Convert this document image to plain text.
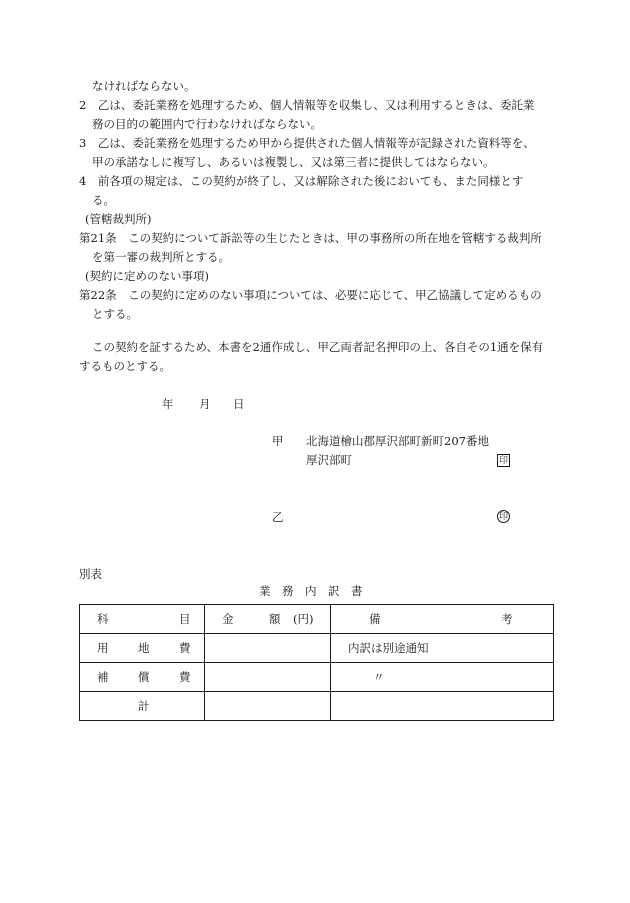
なければならない。
2　乙は、委託業務を処理するため、個人情報等を収集し、又は利用するときは、委託業
務の目的の範囲内で行わなければならない。
3　乙は、委託業務を処理するため甲から提供された個人情報等が記録された資料等を、
甲の承諾なしに複写し、あるいは複製し、又は第三者に提供してはならない。
4　前各項の規定は、この契約が終了し、又は解除された後においても、また同様とす
る。
(管轄裁判所)
第21条　この契約について訴訟等の生じたときは、甲の事務所の所在地を管轄する裁判所
を第一審の裁判所とする。
(契約に定めのない事項)
第22条　この契約に定めのない事項については、必要に応じて、甲乙協議して定めるもの
とする。
この契約を証するため、本書を2通作成し、甲乙両者記名押印の上、各自その1通を保有
するものとする。
年 月 日
甲 北海道檜山郡厚沢部町新町207番地
厚沢部町	印
乙	印
別表
業　務　内　訳　書
科 目	金 額 (円)	備 考

用 地 費		内訳は別途通知

補 償 費		〃

計		
